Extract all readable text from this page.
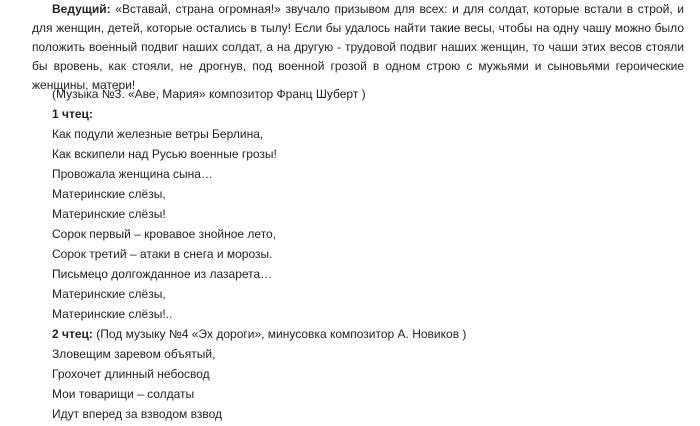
Ведущий: «Вставай, страна огромная!» звучало призывом для всех: и для солдат, которые встали в строй, и для женщин, детей, которые остались в тылу! Если бы удалось найти такие весы, чтобы на одну чашу можно было положить военный подвиг наших солдат, а на другую - трудовой подвиг наших женщин, то чаши этих весов стояли бы вровень, как стояли, не дрогнув, под военной грозой в одном строю с мужьями и сыновьями героические женщины, матери!

(Музыка №3. «Аве, Мария» композитор Франц Шуберт )

1 чтец:

Как подули железные ветры Берлина,

Как вскипели над Русью военные грозы!

Провожала женщина сына…

Материнские слёзы,

Материнские слёзы!

Сорок первый – кровавое знойное лето,

Сорок третий – атаки в снега и морозы.

Письмецо долгожданное из лазарета…

Материнские слёзы,

Материнские слёзы!..

2 чтец: (Под музыку №4 «Эх дороги», минусовка композитор А. Новиков )

Зловещим заревом объятый,

Грохочет длинный небосвод

Мои товарищи – солдаты

Идут вперед за взводом взвод
